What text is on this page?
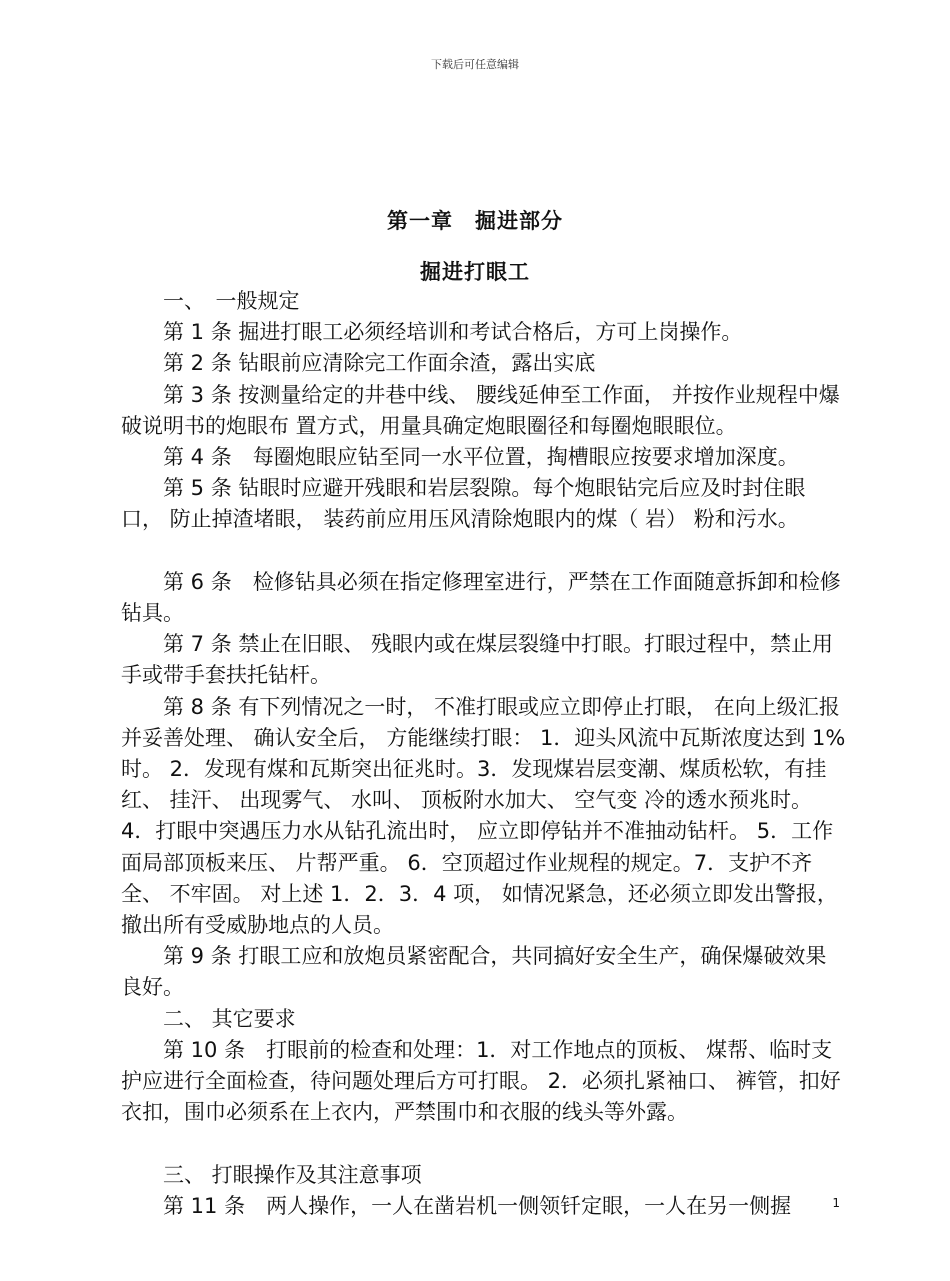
下载后可任意编辑
第一章　掘进部分
掘进打眼工

一、　一般规定

第 1 条 掘进打眼工必须经培训和考试合格后，方可上岗操作。

第 2 条 钻眼前应清除完工作面余渣，露出实底

第 3 条 按测量给定的井巷中线、 腰线延伸至工作面， 并按作业规程中爆破说明书的炮眼布 置方式，用量具确定炮眼圈径和每圈炮眼眼位。

第 4 条　每圈炮眼应钻至同一水平位置，掏槽眼应按要求增加深度。

第 5 条 钻眼时应避开残眼和岩层裂隙。每个炮眼钻完后应及时封住眼口， 防止掉渣堵眼， 装药前应用压风清除炮眼内的煤（ 岩） 粉和污水。

第 6 条　检修钻具必须在指定修理室进行，严禁在工作面随意拆卸和检修钻具。

第 7 条 禁止在旧眼、 残眼内或在煤层裂缝中打眼。打眼过程中，禁止用手或带手套扶托钻杆。

第 8 条 有下列情况之一时， 不准打眼或应立即停止打眼， 在向上级汇报并妥善处理、 确认安全后， 方能继续打眼： 1．迎头风流中瓦斯浓度达到 1%时。 2．发现有煤和瓦斯突出征兆时。3．发现煤岩层变潮、煤质松软，有挂红、 挂汗、 出现雾气、 水叫、 顶板附水加大、 空气变 冷的透水预兆时。4．打眼中突遇压力水从钻孔流出时， 应立即停钻并不准抽动钻杆。 5．工作面局部顶板来压、 片帮严重。 6．空顶超过作业规程的规定。7．支护不齐全、 不牢固。 对上述 1．2．3．4 项， 如情况紧急，还必须立即发出警报，撤出所有受威胁地点的人员。

第 9 条 打眼工应和放炮员紧密配合，共同搞好安全生产，确保爆破效果良好。

二、 其它要求

第 10 条　打眼前的检查和处理：1．对工作地点的顶板、 煤帮、临时支护应进行全面检查，待问题处理后方可打眼。 2．必须扎紧袖口、 裤管，扣好衣扣，围巾必须系在上衣内，严禁围巾和衣服的线头等外露。

三、 打眼操作及其注意事项

第 11 条　两人操作，一人在凿岩机一侧领钎定眼，一人在另一侧握	1
